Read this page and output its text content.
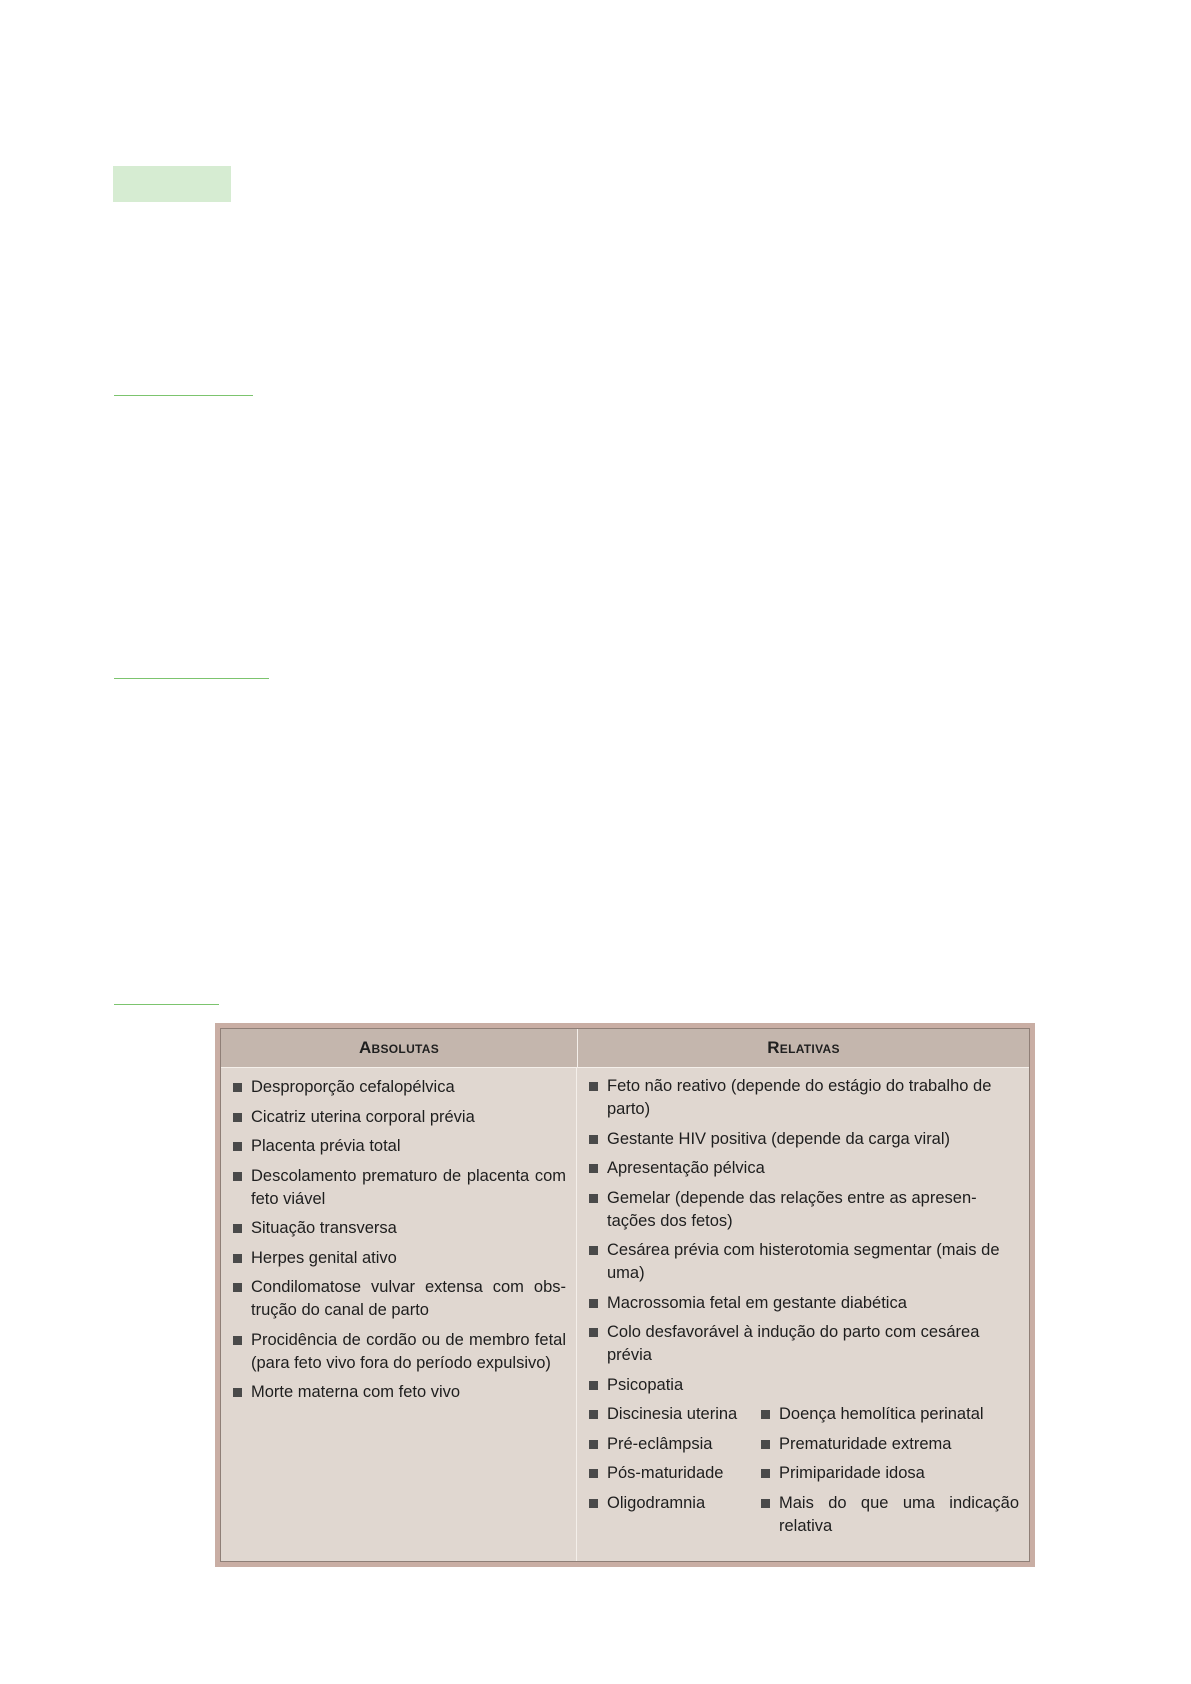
Absolutas	Relativas
Desproporção cefalopélvica
Cicatriz uterina corporal prévia
Placenta prévia total
Descolamento prematuro de placenta com feto viável
Situação transversa
Herpes genital ativo
Condilomatose vulvar extensa com obs-trução do canal de parto
Procidência de cordão ou de membro fetal (para feto vivo fora do período expulsivo)
Morte materna com feto vivo
Feto não reativo (depende do estágio do trabalho de parto)
Gestante HIV positiva (depende da carga viral)
Apresentação pélvica
Gemelar (depende das relações entre as apresen-tações dos fetos)
Cesárea prévia com histerotomia segmentar (mais de uma)
Macrossomia fetal em gestante diabética
Colo desfavorável à indução do parto com cesárea prévia
Psicopatia
Discinesia uterina
Pré-eclâmpsia
Pós-maturidade
Oligodramnia
Doença hemolítica perinatal
Prematuridade extrema
Primiparidade idosa
Mais do que uma indicação relativa
